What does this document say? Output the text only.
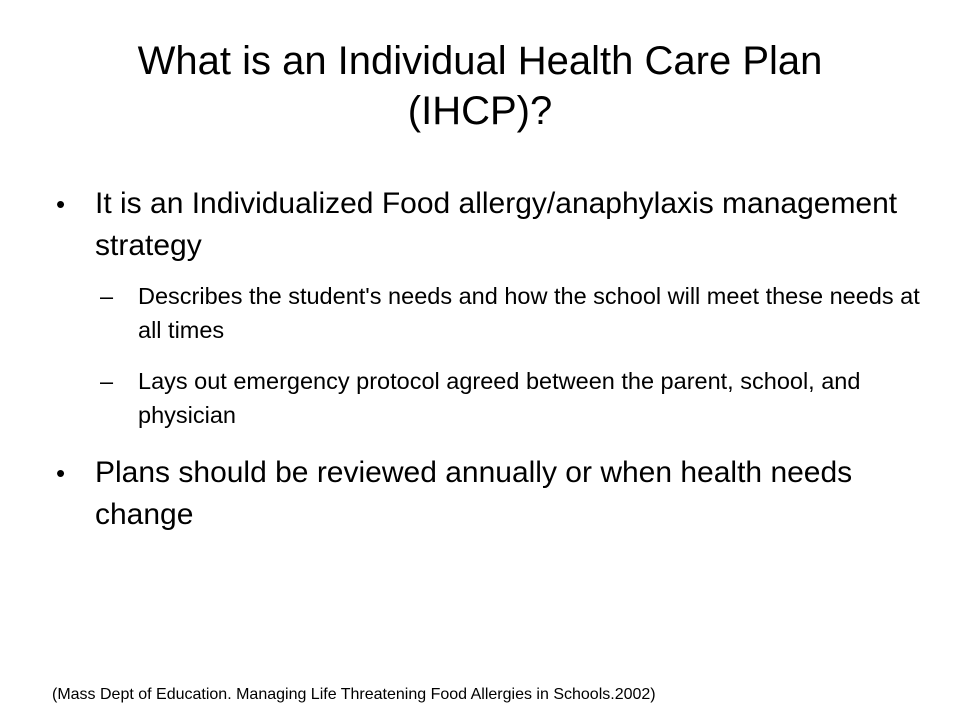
What is an Individual Health Care Plan
(IHCP)?
• It is an Individualized Food allergy/anaphylaxis management strategy
–	Describes the student's needs and how the school will meet these needs at all times
–	Lays out emergency protocol agreed between the parent, school, and physician
• Plans should be reviewed annually or when health needs change
(Mass Dept of Education. Managing Life Threatening Food Allergies in Schools.2002)
